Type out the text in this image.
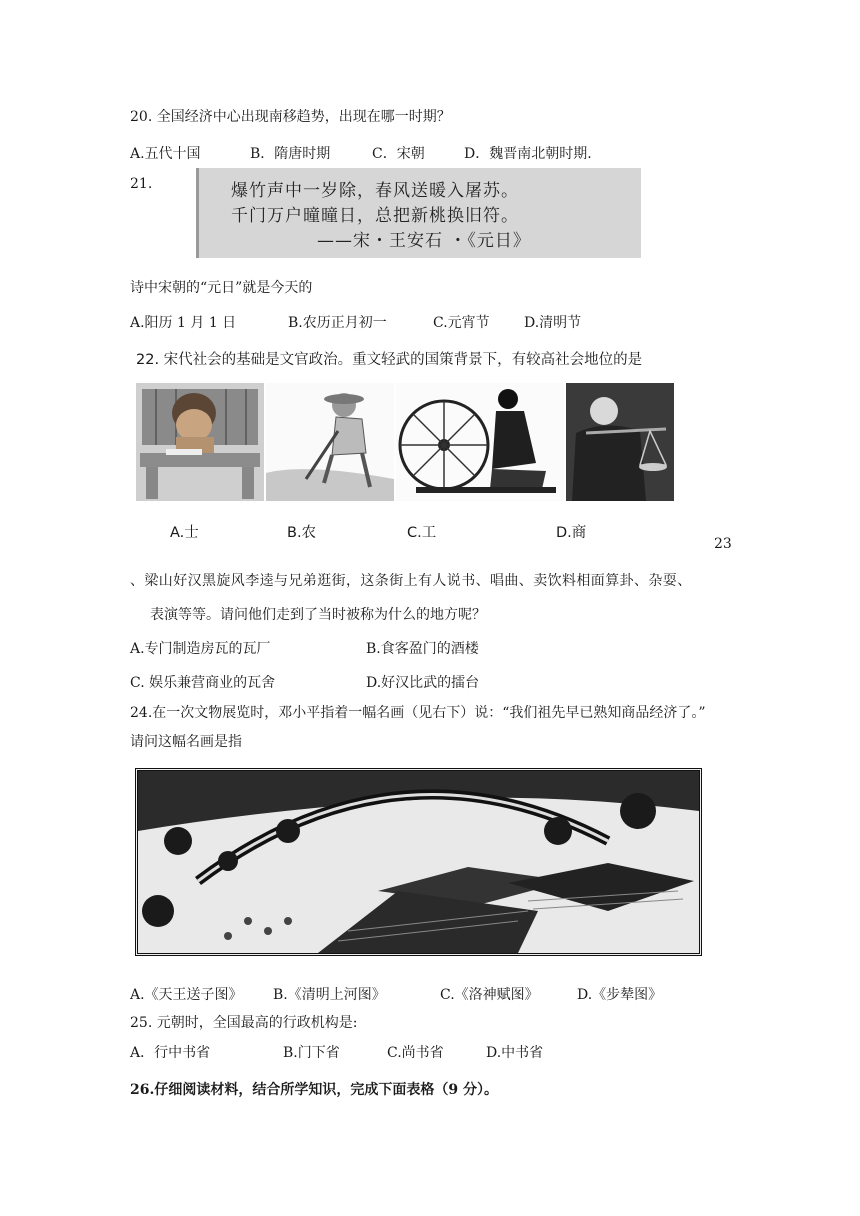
20. 全国经济中心出现南移趋势，出现在哪一时期？
A.五代十国	B．隋唐时期	C．宋朝	D．魏晋南北朝时期.
21.	爆竹声中一岁除，春风送暖入屠苏。
千门万户曈曈日，总把新桃换旧符。
——宋・王安石 ・《元日》
诗中宋朝的“元日”就是今天的
A.阳历 1 月 1 日	B.农历正月初一	C.元宵节 D.清明节
22. 宋代社会的基础是文官政治。重文轻武的国策背景下，有较高社会地位的是
A.士	B.农	C.工	D.商
23
、梁山好汉黑旋风李逵与兄弟逛街，这条街上有人说书、唱曲、卖饮料相面算卦、杂耍、
表演等等。请问他们走到了当时被称为什么的地方呢？
A.专门制造房瓦的瓦厂	B.食客盈门的酒楼
C. 娱乐兼营商业的瓦舍	D.好汉比武的擂台
24.在一次文物展览时，邓小平指着一幅名画（见右下）说：“我们祖先早已熟知商品经济了。”
请问这幅名画是指
A.《天王送子图》 B.《清明上河图》	C.《洛神赋图》	D.《步辇图》
25. 元朝时，全国最高的行政机构是:
A．行中书省	B.门下省	C.尚书省	D.中书省
26.仔细阅读材料，结合所学知识，完成下面表格（9 分）。
